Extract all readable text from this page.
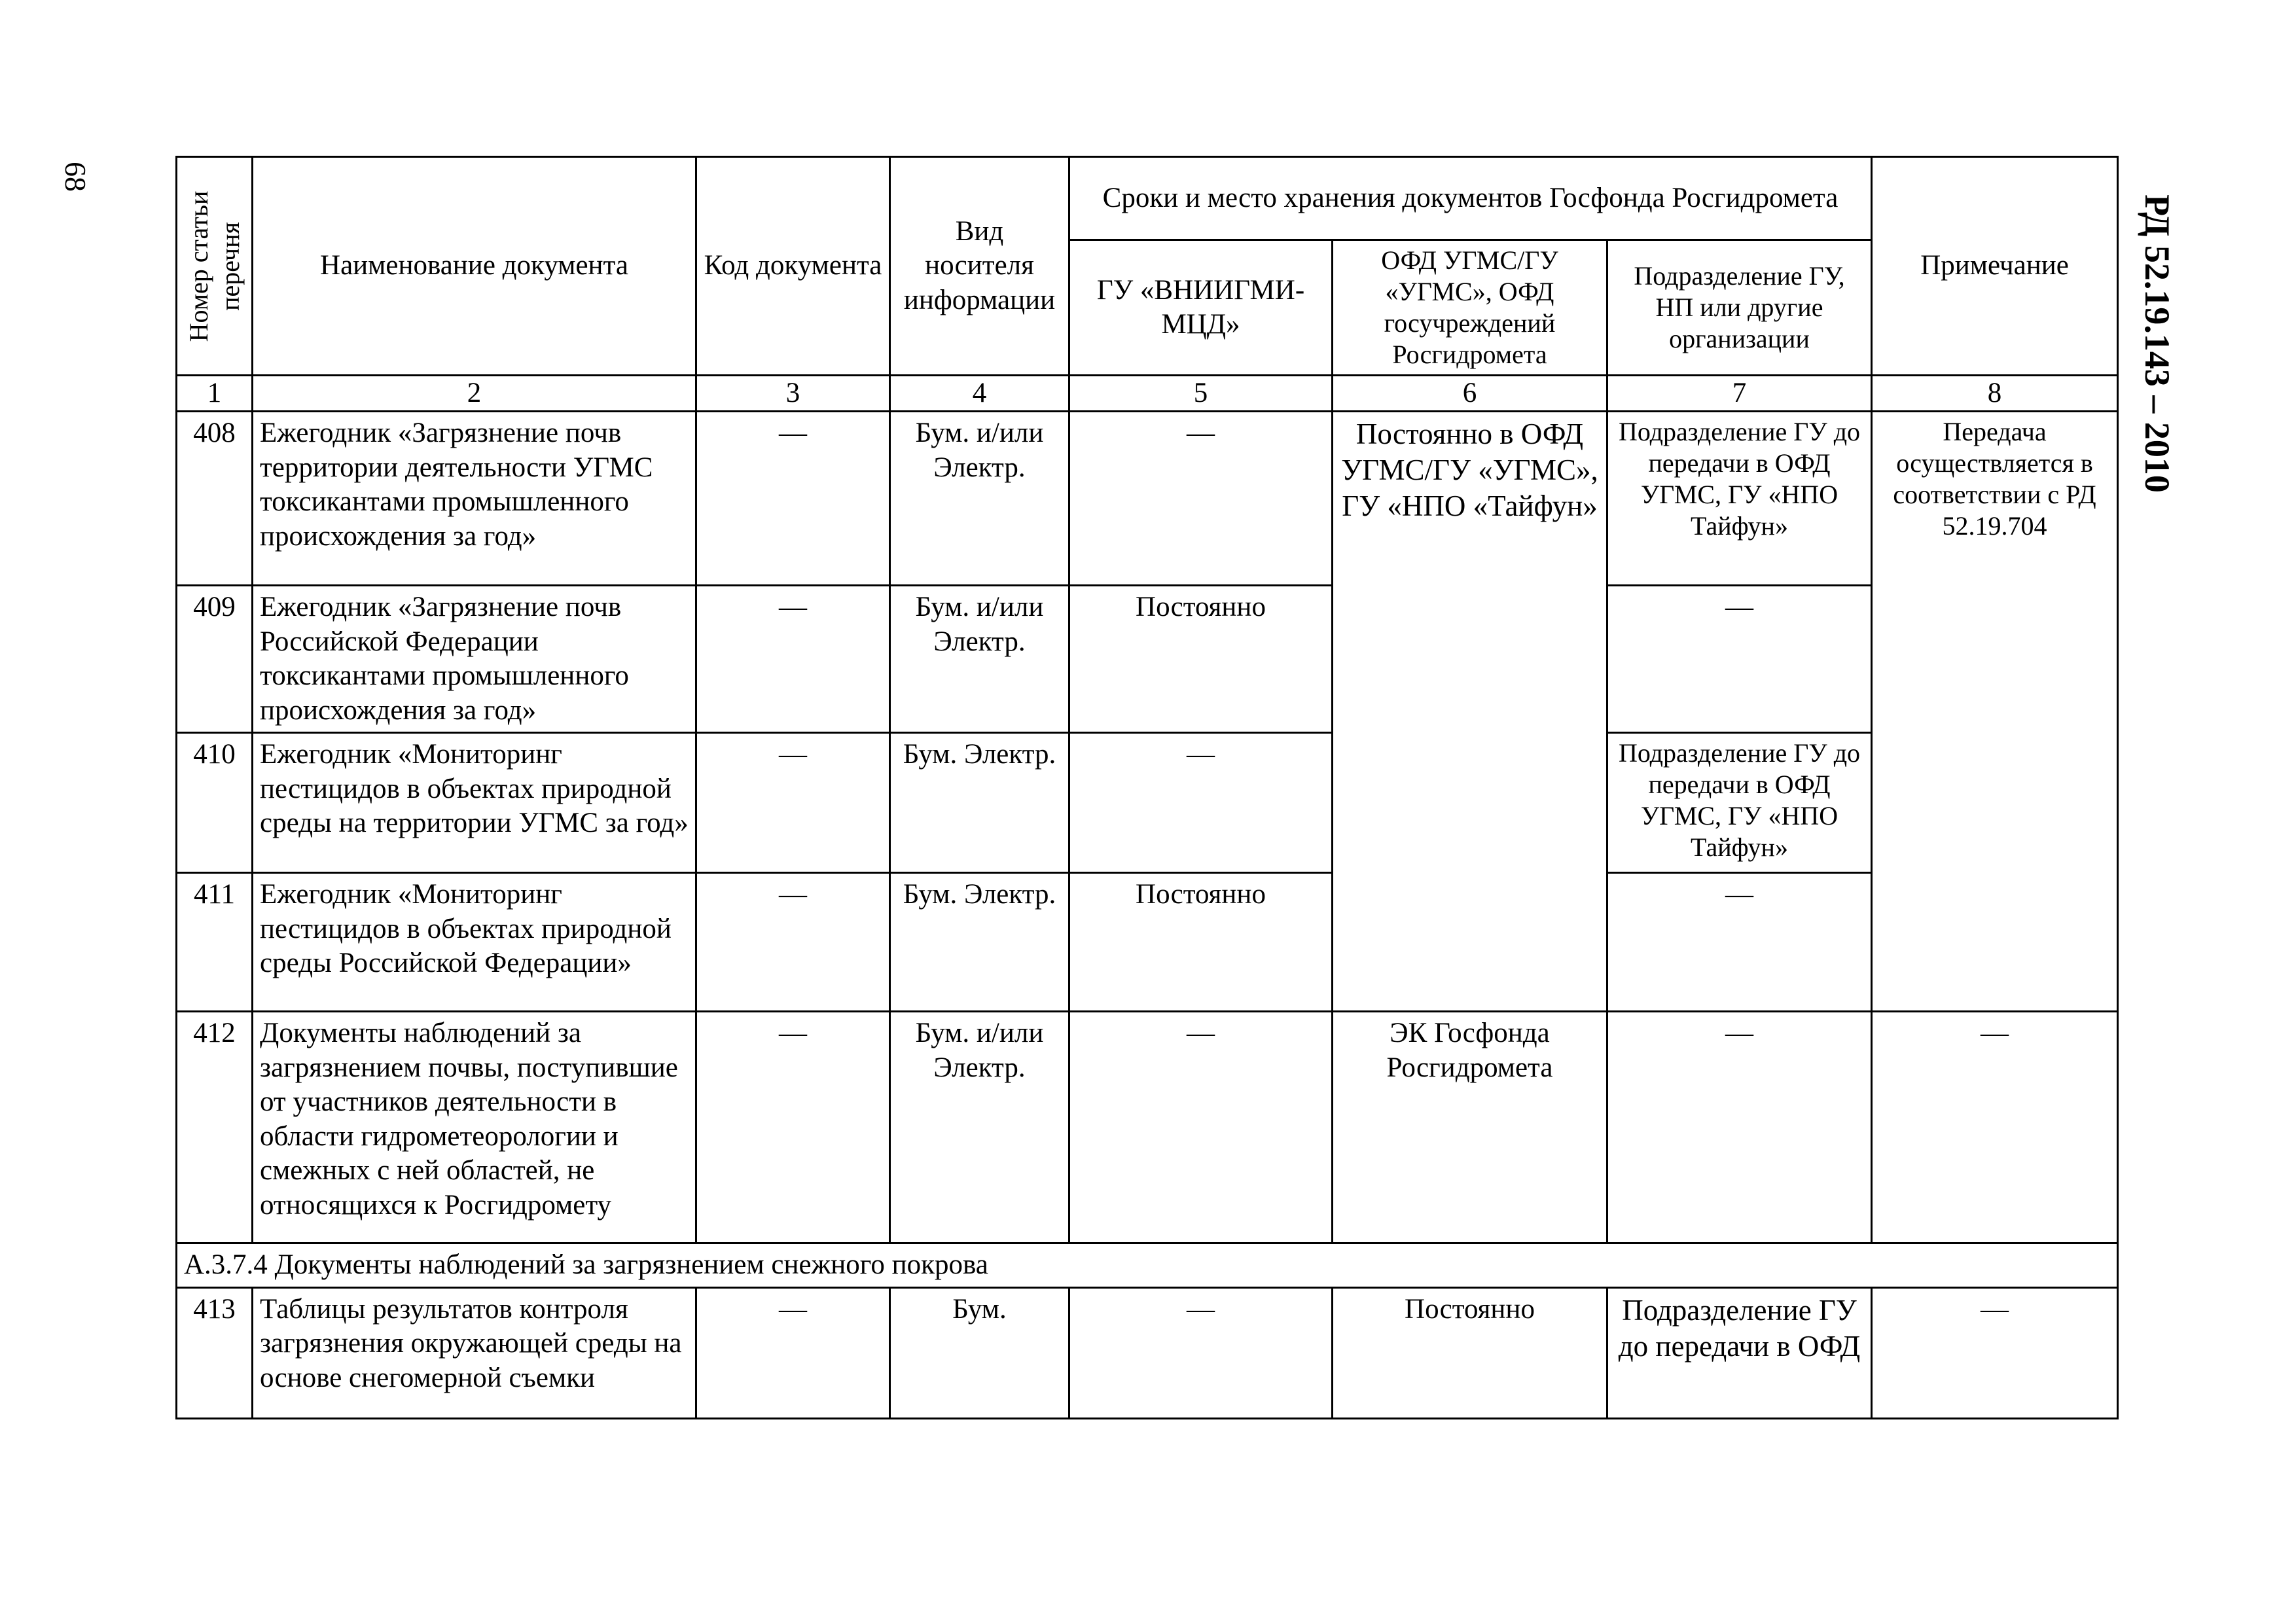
68
РД 52.19.143 – 2010
Номер статьи перечня	Наименование документа	Код документа	Вид носителя информации	Сроки и место хранения документов Госфонда Росгидромета			Примечание
				ГУ «ВНИИГМИ-МЦД»	ОФД УГМС/ГУ «УГМС», ОФД госучреждений Росгидромета	Подразделение ГУ, НП или другие организации	
1	2	3	4	5	6	7	8
408	Ежегодник «Загрязнение почв территории деятельности УГМС токсикантами промышленного происхождения за год»	—	Бум. и/или Электр.	—	Постоянно в ОФД УГМС/ГУ «УГМС», ГУ «НПО «Тайфун»	Подразделение ГУ до передачи в ОФД УГМС, ГУ «НПО Тайфун»	Передача осуществляется в соответствии с РД 52.19.704
409	Ежегодник «Загрязнение почв Российской Федерации токсикантами промышленного происхождения за год»	—	Бум. и/или Электр.	Постоянно		—	
410	Ежегодник «Мониторинг пестицидов в объектах природной среды на территории УГМС за год»	—	Бум. Электр.	—		Подразделение ГУ до передачи в ОФД УГМС, ГУ «НПО Тайфун»	
411	Ежегодник «Мониторинг пестицидов в объектах природной среды Российской Федерации»	—	Бум. Электр.	Постоянно		—	
412	Документы наблюдений за загрязнением почвы, поступившие от участников деятельности в области гидрометеорологии и смежных с ней областей, не относящихся к Росгидромету	—	Бум. и/или Электр.	—	ЭК Госфонда Росгидромета	—	—
А.3.7.4 Документы наблюдений за загрязнением снежного покрова							
413	Таблицы результатов контроля загрязнения окружающей среды на основе снегомерной съемки	—	Бум.	—	Постоянно	Подразделение ГУ до передачи в ОФД	—
